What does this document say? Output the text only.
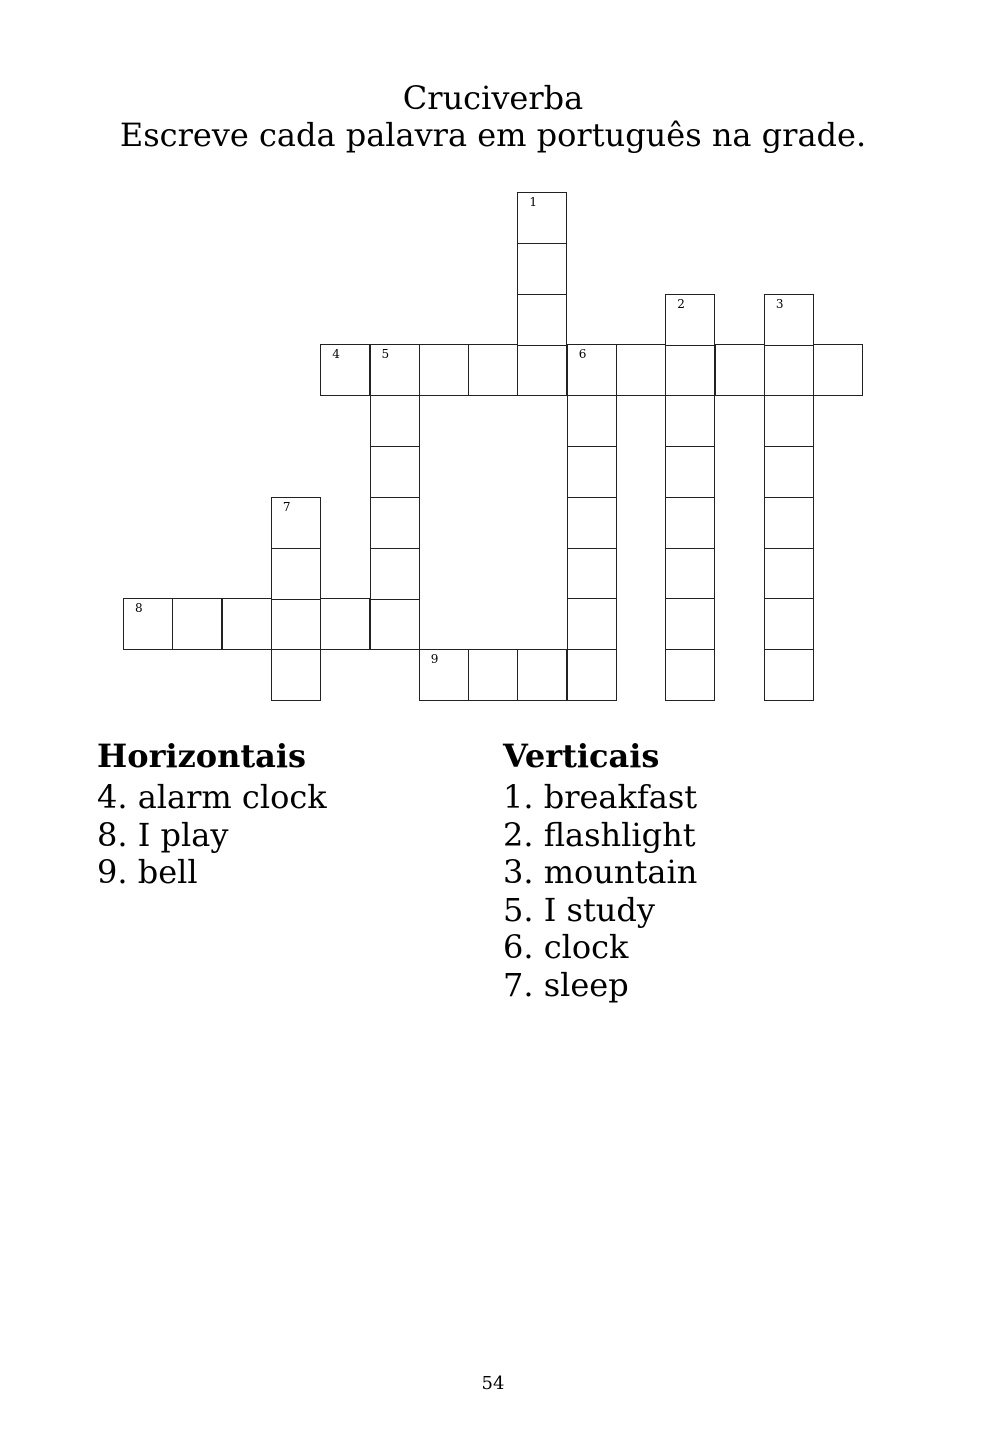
Cruciverba
Escreve cada palavra em português na grade.
4	5	6
8
9
1
2	3
7
Horizontais
4. alarm clock
8. I play
9. bell
Verticais
1. breakfast
2. flashlight
3. mountain
5. I study
6. clock
7. sleep
54
